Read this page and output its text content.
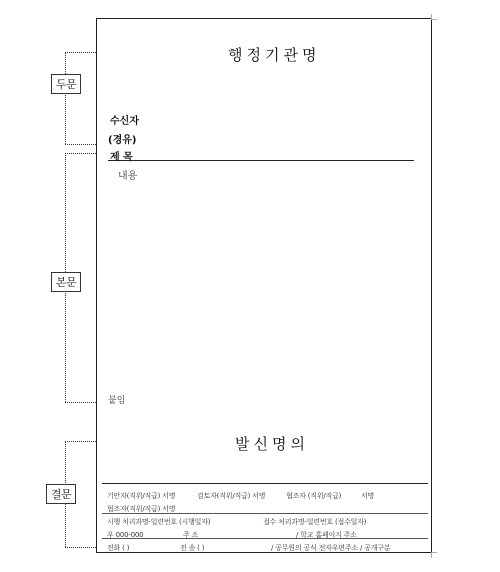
행정기관명
수신자
(경유)
제 목
내용
붙임
발신명의
기안자(직위/직급) 서명	검토자(직위/직급) 서명	협조자 (직위/직급)	서명
협조자(직위/직급) 서명
시행 처리과명-일련번호 (시행일자)	접수 처리과명-일련번호 (접수일자)
우 000-000	주 소	/ 학교 홈페이지 주소
전화 ( )	전 송 ( )	/ 공무원의 공식 전자우편주소 / 공개구분
두문
본문
결문
